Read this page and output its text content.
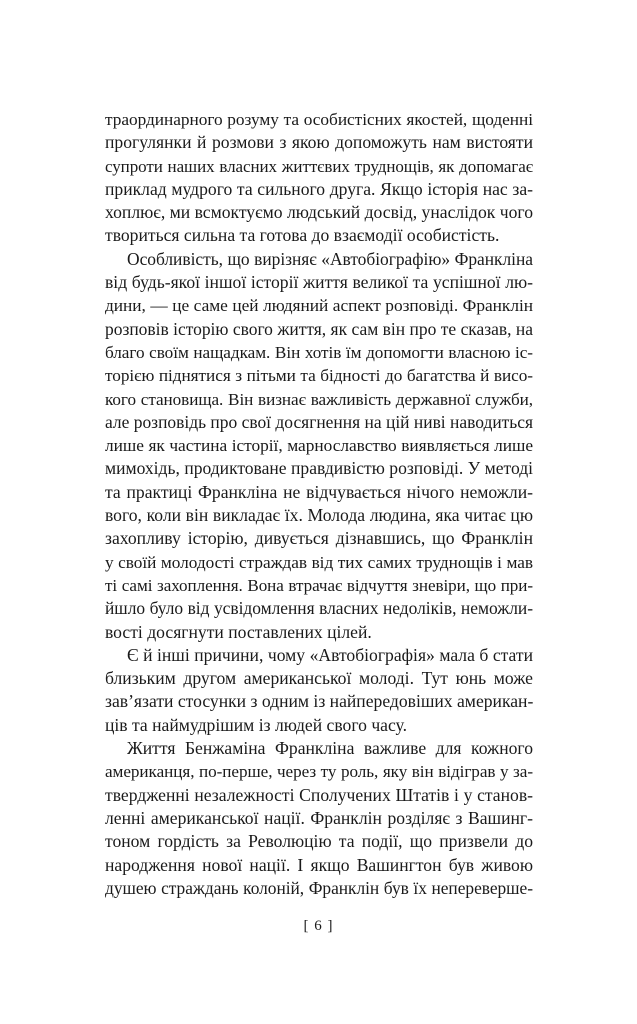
траординарного розуму та особистісних якостей, щоденні
прогулянки й розмови з якою допоможуть нам вистояти
супроти наших власних життєвих труднощів, як допомагає
приклад мудрого та сильного друга. Якщо історія нас за-
хоплює, ми всмоктуємо людський досвід, унаслідок чого
твориться сильна та готова до взаємодії особистість.
Особливість, що вирізняє «Автобіографію» Франкліна
від будь-якої іншої історії життя великої та успішної лю-
дини, — це саме цей людяний аспект розповіді. Франклін
розповів історію свого життя, як сам він про те сказав, на
благо своїм нащадкам. Він хотів їм допомогти власною іс-
торією піднятися з пітьми та бідності до багатства й висо-
кого становища. Він визнає важливість державної служби,
але розповідь про свої досягнення на цій ниві наводиться
лише як частина історії, марнославство виявляється лише
мимохідь, продиктоване правдивістю розповіді. У методі
та практиці Франкліна не відчувається нічого неможли-
вого, коли він викладає їх. Молода людина, яка читає цю
захопливу історію, дивується дізнавшись, що Франклін
у своїй молодості страждав від тих самих труднощів і мав
ті самі захоплення. Вона втрачає відчуття зневіри, що при-
йшло було від усвідомлення власних недоліків, неможли-
вості досягнути поставлених цілей.
Є й інші причини, чому «Автобіографія» мала б стати
близьким другом американської молоді. Тут юнь може
зав’язати стосунки з одним із найпередовіших американ-
ців та наймудрішим із людей свого часу.
Життя Бенжаміна Франкліна важливе для кожного
американця, по-перше, через ту роль, яку він відіграв у за-
твердженні незалежності Сполучених Штатів і у станов-
ленні американської нації. Франклін розділяє з Вашинг-
тоном гордість за Революцію та події, що призвели до
народження нової нації. І якщо Вашингтон був живою
душею страждань колоній, Франклін був їх неперевершe-
[ 6 ]
